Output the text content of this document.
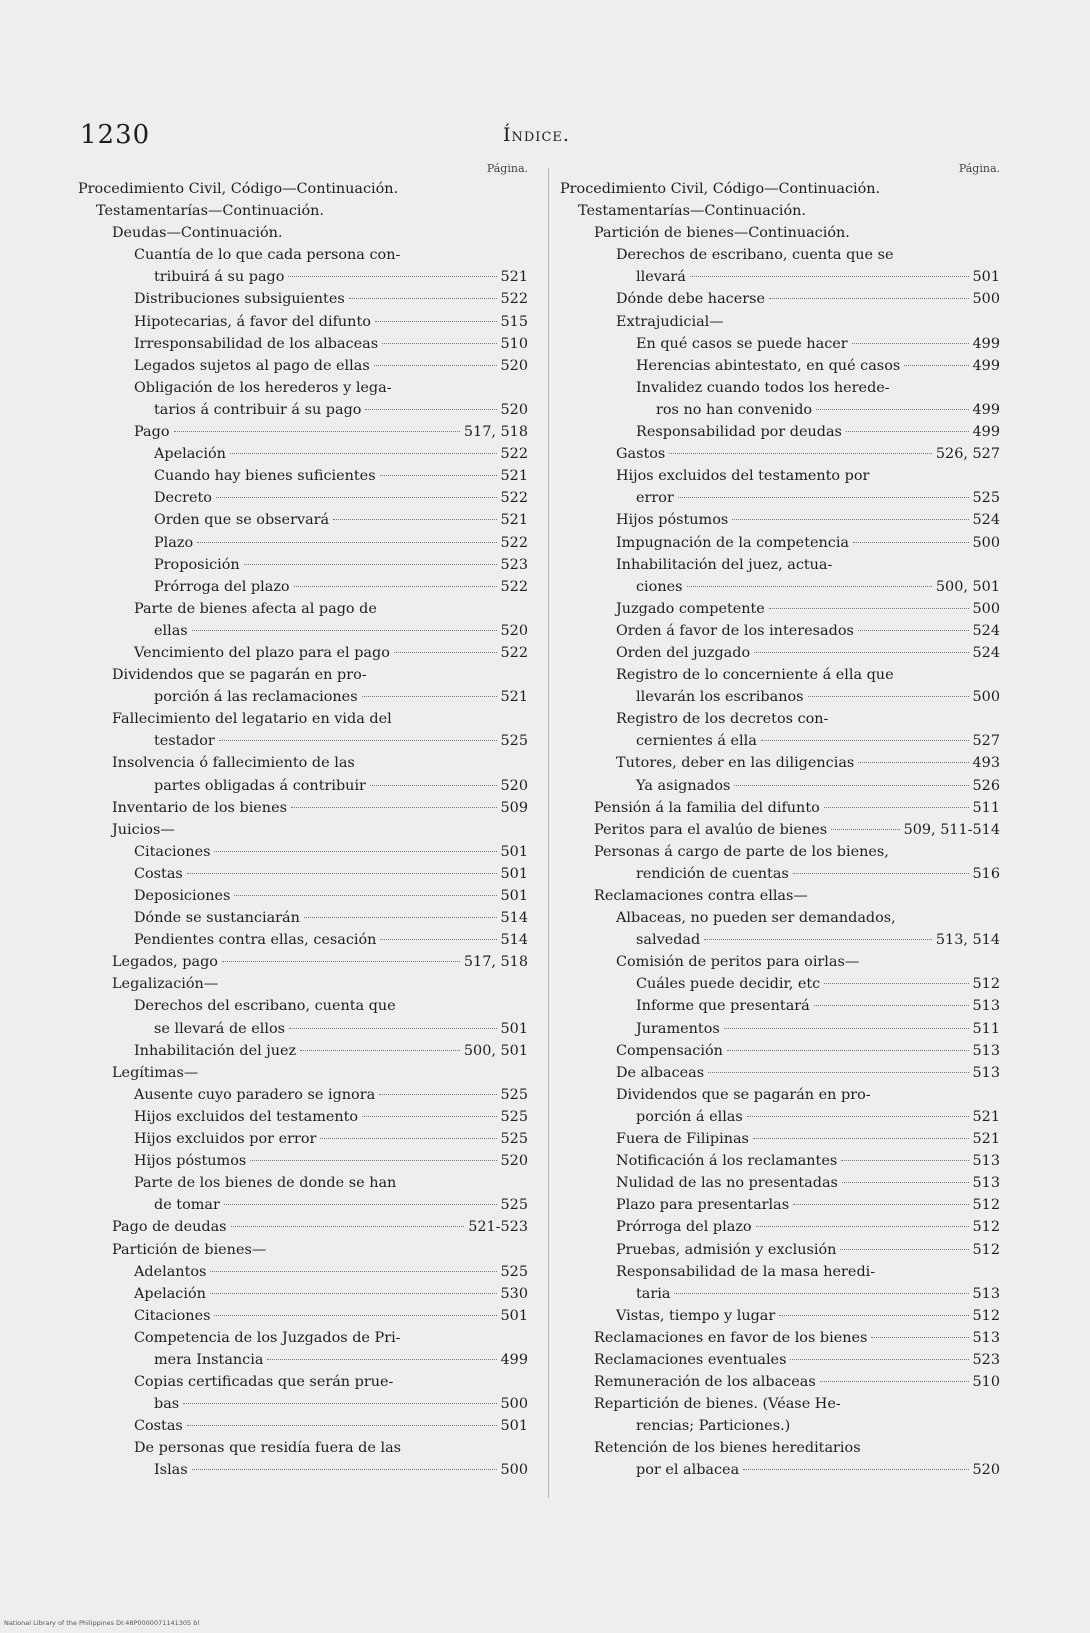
1230	Índice.
Página.
Procedimiento Civil, Código—Continuación.
Testamentarías—Continuación.
Deudas—Continuación.
Cuantía de lo que cada persona con-
tribuirá á su pago	521
Distribuciones subsiguientes	522
Hipotecarias, á favor del difunto	515
Irresponsabilidad de los albaceas	510
Legados sujetos al pago de ellas	520
Obligación de los herederos y lega-
tarios á contribuir á su pago	520
Pago	517, 518
Apelación	522
Cuando hay bienes suficientes	521
Decreto	522
Orden que se observará	521
Plazo	522
Proposición	523
Prórroga del plazo	522
Parte de bienes afecta al pago de
ellas	520
Vencimiento del plazo para el pago	522
Dividendos que se pagarán en pro-
porción á las reclamaciones	521
Fallecimiento del legatario en vida del
testador	525
Insolvencia ó fallecimiento de las
partes obligadas á contribuir	520
Inventario de los bienes	509
Juicios—
Citaciones	501
Costas	501
Deposiciones	501
Dónde se sustanciarán	514
Pendientes contra ellas, cesación	514
Legados, pago	517, 518
Legalización—
Derechos del escribano, cuenta que
se llevará de ellos	501
Inhabilitación del juez	500, 501
Legítimas—
Ausente cuyo paradero se ignora	525
Hijos excluidos del testamento	525
Hijos excluidos por error	525
Hijos póstumos	520
Parte de los bienes de donde se han
de tomar	525
Pago de deudas	521-523
Partición de bienes—
Adelantos	525
Apelación	530
Citaciones	501
Competencia de los Juzgados de Pri-
mera Instancia	499
Copias certificadas que serán prue-
bas	500
Costas	501
De personas que residía fuera de las
Islas	500
Página.
Procedimiento Civil, Código—Continuación.
Testamentarías—Continuación.
Partición de bienes—Continuación.
Derechos de escribano, cuenta que se
llevará	501
Dónde debe hacerse	500
Extrajudicial—
En qué casos se puede hacer	499
Herencias abintestato, en qué casos	499
Invalidez cuando todos los herede-
ros no han convenido	499
Responsabilidad por deudas	499
Gastos	526, 527
Hijos excluidos del testamento por
error	525
Hijos póstumos	524
Impugnación de la competencia	500
Inhabilitación del juez, actua-
ciones	500, 501
Juzgado competente	500
Orden á favor de los interesados	524
Orden del juzgado	524
Registro de lo concerniente á ella que
llevarán los escribanos	500
Registro de los decretos con-
cernientes á ella	527
Tutores, deber en las diligencias	493
Ya asignados	526
Pensión á la familia del difunto	511
Peritos para el avalúo de bienes	509, 511-514
Personas á cargo de parte de los bienes,
rendición de cuentas	516
Reclamaciones contra ellas—
Albaceas, no pueden ser demandados,
salvedad	513, 514
Comisión de peritos para oirlas—
Cuáles puede decidir, etc	512
Informe que presentará	513
Juramentos	511
Compensación	513
De albaceas	513
Dividendos que se pagarán en pro-
porción á ellas	521
Fuera de Filipinas	521
Notificación á los reclamantes	513
Nulidad de las no presentadas	513
Plazo para presentarlas	512
Prórroga del plazo	512
Pruebas, admisión y exclusión	512
Responsabilidad de la masa heredi-
taria	513
Vistas, tiempo y lugar	512
Reclamaciones en favor de los bienes	513
Reclamaciones eventuales	523
Remuneración de los albaceas	510
Repartición de bienes. (Véase He-
rencias; Particiones.)
Retención de los bienes hereditarios
por el albacea	520
National Library of the Philippines DI:48P0000071141305 bl
